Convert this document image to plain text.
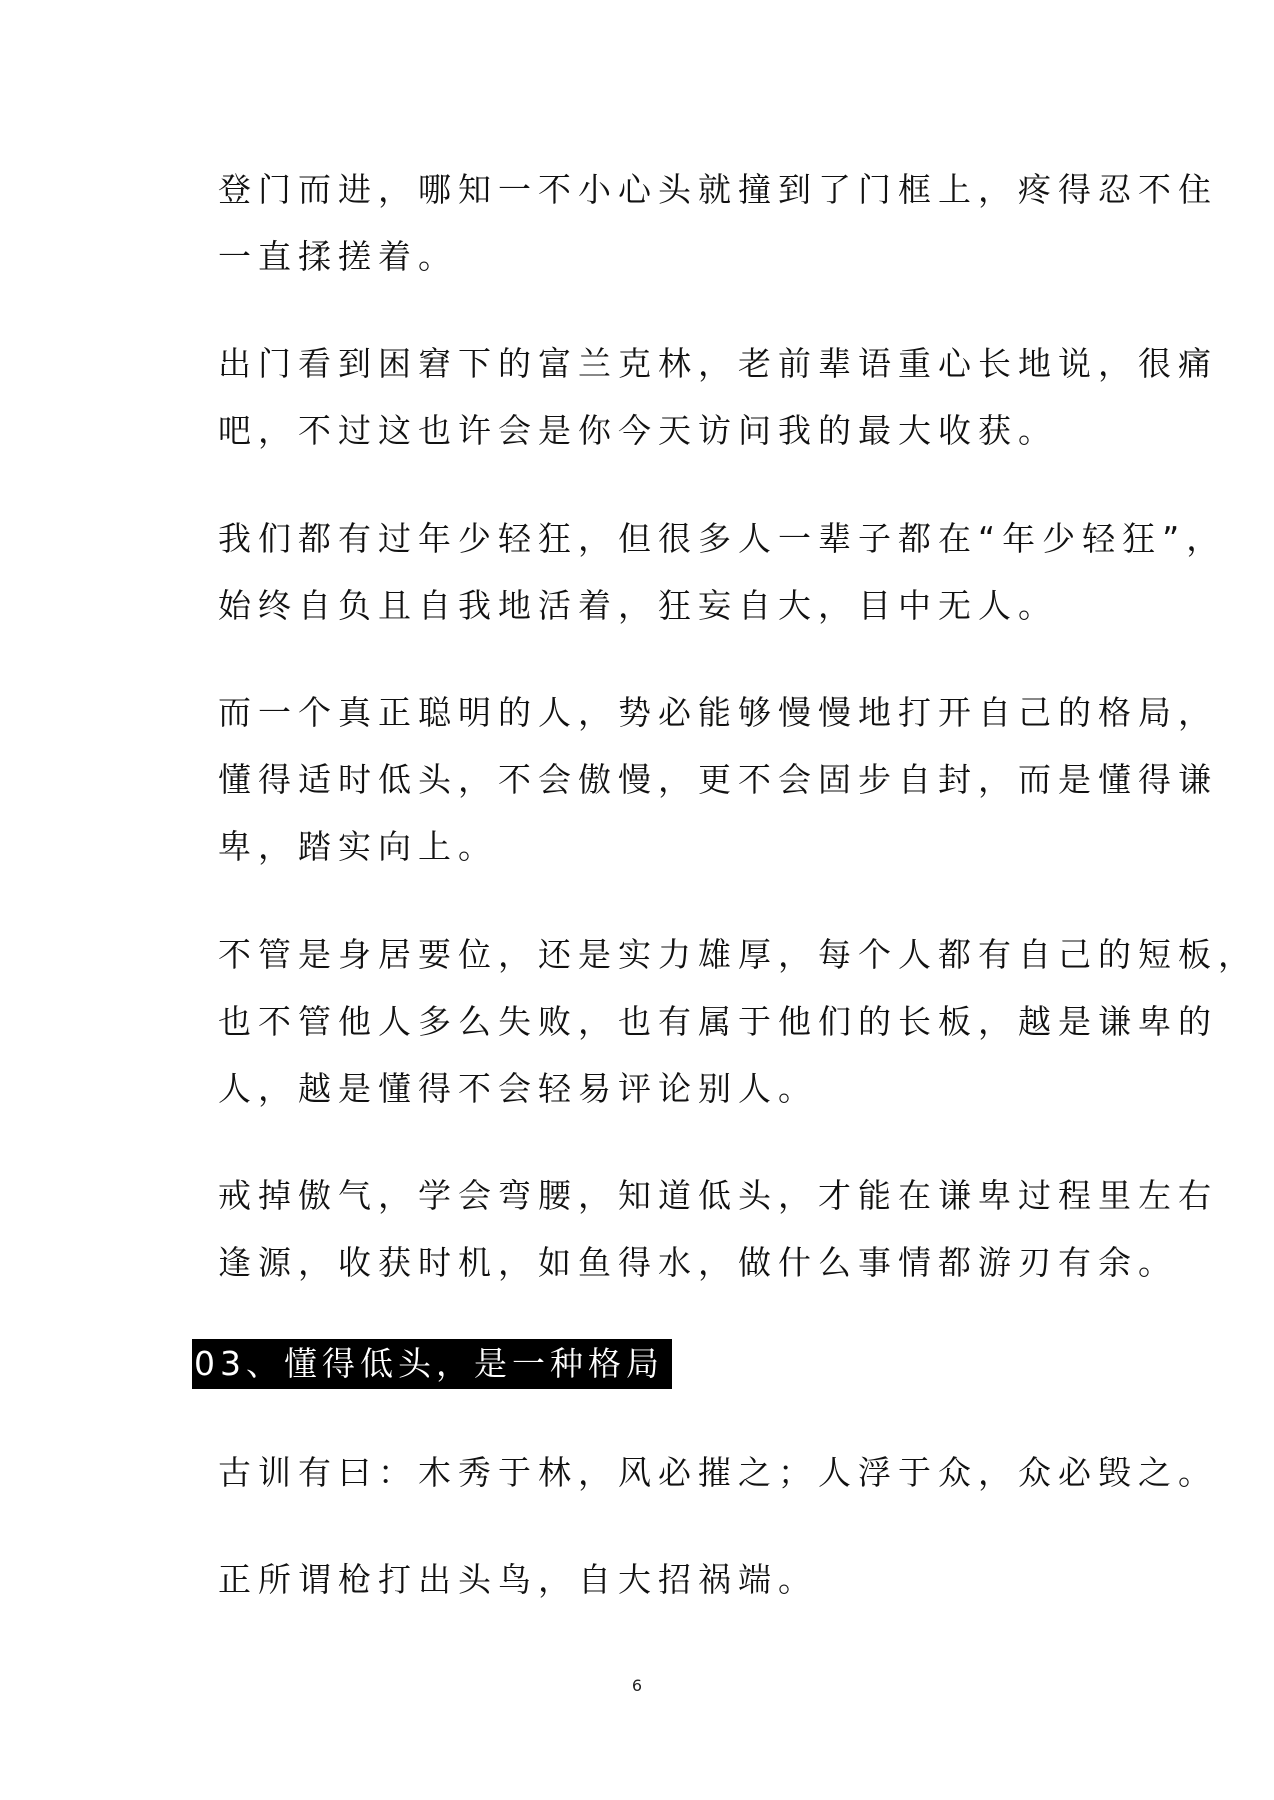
登门而进，哪知一不小心头就撞到了门框上，疼得忍不住
一直揉搓着。
出门看到困窘下的富兰克林，老前辈语重心长地说，很痛
吧，不过这也许会是你今天访问我的最大收获。
我们都有过年少轻狂，但很多人一辈子都在“年少轻狂”，
始终自负且自我地活着，狂妄自大，目中无人。
而一个真正聪明的人，势必能够慢慢地打开自己的格局，
懂得适时低头，不会傲慢，更不会固步自封，而是懂得谦
卑，踏实向上。
不管是身居要位，还是实力雄厚，每个人都有自己的短板，
也不管他人多么失败，也有属于他们的长板，越是谦卑的
人，越是懂得不会轻易评论别人。
戒掉傲气，学会弯腰，知道低头，才能在谦卑过程里左右
逢源，收获时机，如鱼得水，做什么事情都游刃有余。
03、懂得低头，是一种格局
古训有曰：木秀于林，风必摧之；人浮于众，众必毁之。
正所谓枪打出头鸟，自大招祸端。
6
